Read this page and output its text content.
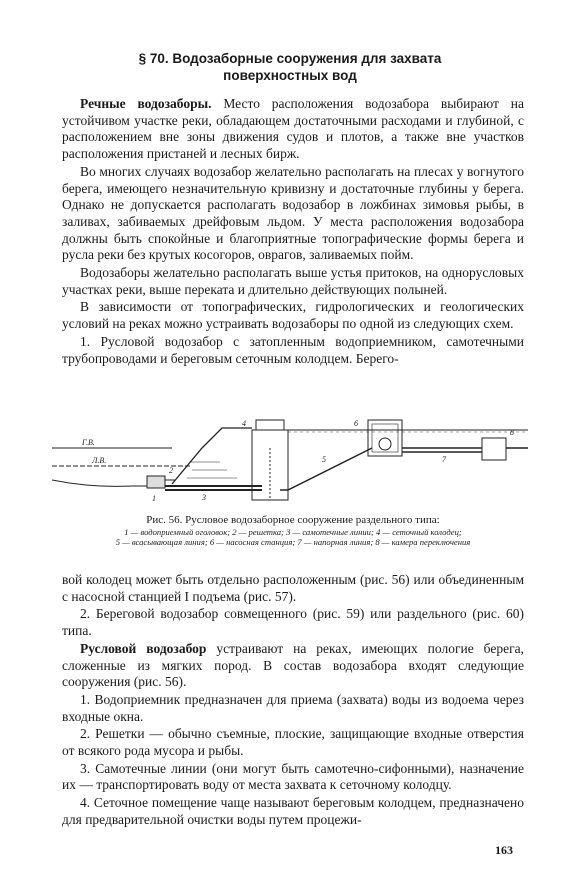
§ 70. Водозаборные сооружения для захвата
поверхностных вод

Речные водозаборы. Место расположения водозабора выбирают на устойчивом участке реки, обладающем достаточными расходами и глубиной, с расположением вне зоны движения судов и плотов, а также вне участков расположения пристаней и лесных бирж.

Во многих случаях водозабор желательно располагать на плесах у вогнутого берега, имеющего незначительную кривизну и достаточные глубины у берега. Однако не допускается располагать водозабор в ложбинах зимовья рыбы, в заливах, забиваемых дрейфовым льдом. У места расположения водозабора должны быть спокойные и благоприятные топографические формы берега и русла реки без крутых косогоров, оврагов, заливаемых пойм.

Водозаборы желательно располагать выше устья притоков, на однорусловых участках реки, выше переката и длительно действующих полыней.

В зависимости от топографических, гидрологических и геологических условий на реках можно устраивать водозаборы по одной из следующих схем.

1. Русловой водозабор с затопленным водоприемником, самотечными трубопроводами и береговым сеточным колодцем. Берего-

Г.В.
Л.В.
1
2
3
4
5
6
7
8
Рис. 56. Русловое водозаборное сооружение раздельного типа:
1 — водоприемный оголовок; 2 — решетка; 3 — самотечные линии; 4 — сеточный колодец;
5 — всасывающая линия; 6 — насосная станция; 7 — напорная линия; 8 — камера переключения

вой колодец может быть отдельно расположенным (рис. 56) или объединенным с насосной станцией I подъема (рис. 57).

2. Береговой водозабор совмещенного (рис. 59) или раздельного (рис. 60) типа.

Русловой водозабор устраивают на реках, имеющих пологие берега, сложенные из мягких пород. В состав водозабора входят следующие сооружения (рис. 56).

1. Водоприемник предназначен для приема (захвата) воды из водоема через входные окна.

2. Решетки — обычно съемные, плоские, защищающие входные отверстия от всякого рода мусора и рыбы.

3. Самотечные линии (они могут быть самотечно-сифонными), назначение их — транспортировать воду от места захвата к сеточному колодцу.

4. Сеточное помещение чаще называют береговым колодцем, предназначено для предварительной очистки воды путем процежи-

163
